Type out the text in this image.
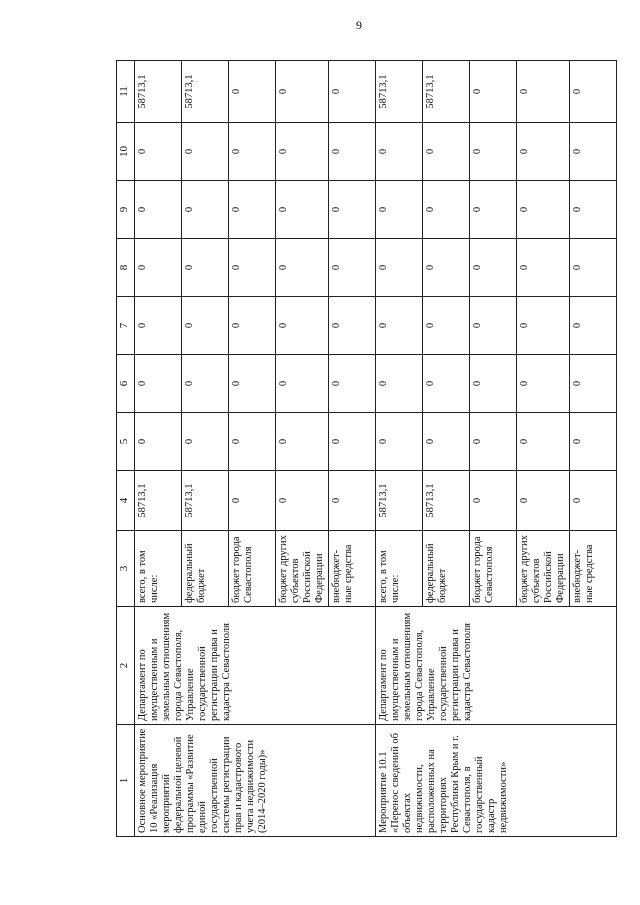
9
1	2	3	4	5	6	7	8	9	10	11
Основное мероприятие 10 «Реализация мероприятий федеральной целевой программы «Развитие единой государственной системы регистрации прав и кадастрового учета недвижимости (2014–2020 годы)»	Департамент по имущественным и земельным отношениям города Севастополя, Управление государственной регистрации права и кадастра Севастополя	всего, в том числе:	58713,1	0	0	0	0	0	0	58713,1
		федеральный бюджет	58713,1	0	0	0	0	0	0	58713,1
		бюджет города Севастополя	0	0	0	0	0	0	0	0
		бюджет других субъектов Российской Федерации	0	0	0	0	0	0	0	0
		внебюджет-ные средства	0	0	0	0	0	0	0	0
Мероприятие 10.1 «Перенос сведений об объектах недвижимости, расположенных на территориях Республики Крым и г. Севастополя, в государственный кадастр недвижимости»	Департамент по имущественным и земельным отношениям города Севастополя, Управление государственной регистрации права и кадастра Севастополя	всего, в том числе:	58713,1	0	0	0	0	0	0	58713,1
		федеральный бюджет	58713,1	0	0	0	0	0	0	58713,1
		бюджет города Севастополя	0	0	0	0	0	0	0	0
		бюджет других субъектов Российской Федерации	0	0	0	0	0	0	0	0
		внебюджет-ные средства	0	0	0	0	0	0	0	0
